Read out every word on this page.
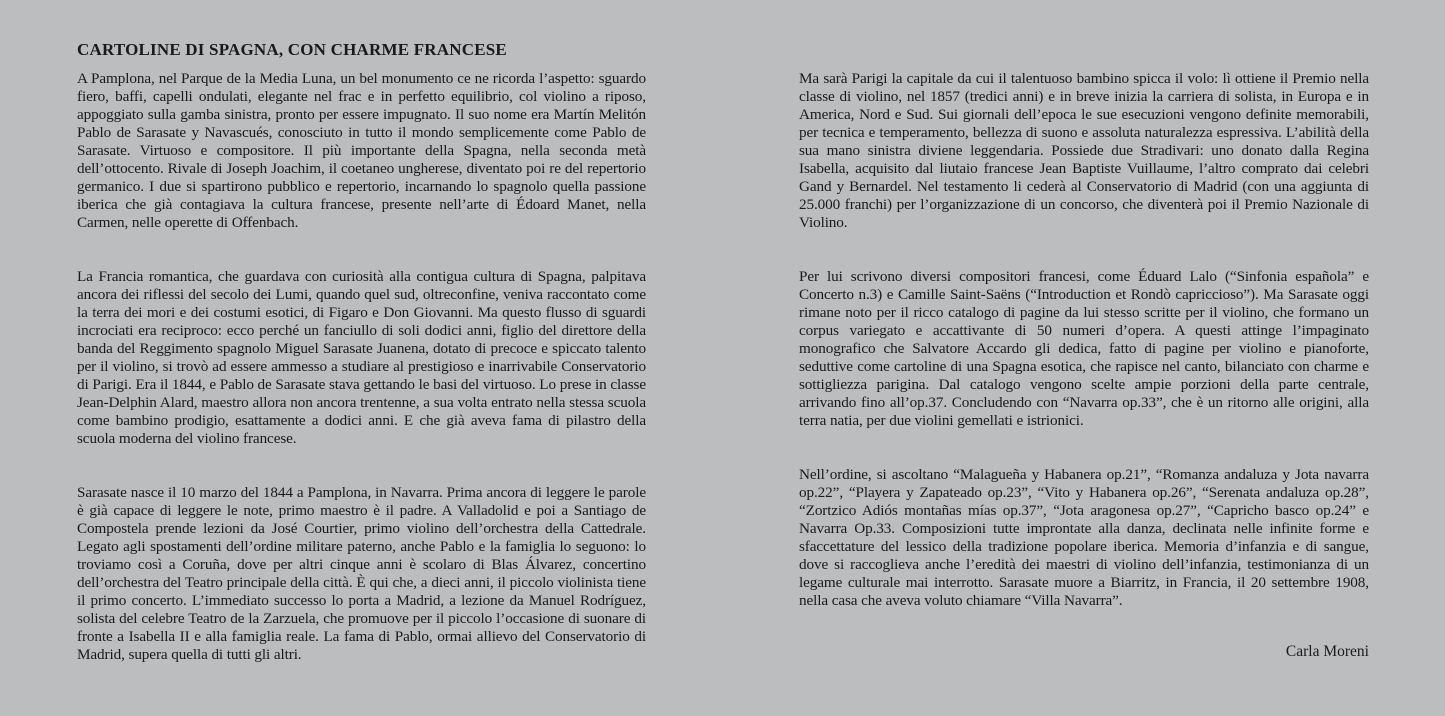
CARTOLINE DI SPAGNA, CON CHARME FRANCESE

A Pamplona, nel Parque de la Media Luna, un bel monumento ce ne ricorda l’aspetto: sguardo fiero, baffi, capelli ondulati, elegante nel frac e in perfetto equilibrio, col violino a riposo, appoggiato sulla gamba sinistra, pronto per essere impugnato. Il suo nome era Martín Melitón Pablo de Sarasate y Navascués, conosciuto in tutto il mondo semplicemente come Pablo de Sarasate. Virtuoso e compositore. Il più importante della Spagna, nella seconda metà dell’ottocento. Rivale di Joseph Joachim, il coetaneo ungherese, diventato poi re del repertorio germanico. I due si spartirono pubblico e repertorio, incarnando lo spagnolo quella passione iberica che già contagiava la cultura francese, presente nell’arte di Édoard Manet, nella Carmen, nelle operette di Offenbach.

La Francia romantica, che guardava con curiosità alla contigua cultura di Spagna, palpitava ancora dei riflessi del secolo dei Lumi, quando quel sud, oltreconfine, veniva raccontato come la terra dei mori e dei costumi esotici, di Figaro e Don Giovanni. Ma questo flusso di sguardi incrociati era reciproco: ecco perché un fanciullo di soli dodici anni, figlio del direttore della banda del Reggimento spagnolo Miguel Sarasate Juanena, dotato di precoce e spiccato talento per il violino, si trovò ad essere ammesso a studiare al prestigioso e inarrivabile Conservatorio di Parigi. Era il 1844, e Pablo de Sarasate stava gettando le basi del virtuoso. Lo prese in classe Jean-Delphin Alard, maestro allora non ancora trentenne, a sua volta entrato nella stessa scuola come bambino prodigio, esattamente a dodici anni. E che già aveva fama di pilastro della scuola moderna del violino francese.

Sarasate nasce il 10 marzo del 1844 a Pamplona, in Navarra. Prima ancora di leggere le parole è già capace di leggere le note, primo maestro è il padre. A Valladolid e poi a Santiago de Compostela prende lezioni da José Courtier, primo violino dell’orchestra della Cattedrale. Legato agli spostamenti dell’ordine militare paterno, anche Pablo e la famiglia lo seguono: lo troviamo così a Coruña, dove per altri cinque anni è scolaro di Blas Álvarez, concertino dell’orchestra del Teatro principale della città. È qui che, a dieci anni, il piccolo violinista tiene il primo concerto. L’immediato successo lo porta a Madrid, a lezione da Manuel Rodríguez, solista del celebre Teatro de la Zarzuela, che promuove per il piccolo l’occasione di suonare di fronte a Isabella II e alla famiglia reale. La fama di Pablo, ormai allievo del Conservatorio di Madrid, supera quella di tutti gli altri.

Ma sarà Parigi la capitale da cui il talentuoso bambino spicca il volo: lì ottiene il Premio nella classe di violino, nel 1857 (tredici anni) e in breve inizia la carriera di solista, in Europa e in America, Nord e Sud. Sui giornali dell’epoca le sue esecuzioni vengono definite memorabili, per tecnica e temperamento, bellezza di suono e assoluta naturalezza espressiva. L’abilità della sua mano sinistra diviene leggendaria. Possiede due Stradivari: uno donato dalla Regina Isabella, acquisito dal liutaio francese Jean Baptiste Vuillaume, l’altro comprato dai celebri Gand y Bernardel. Nel testamento li cederà al Conservatorio di Madrid (con una aggiunta di 25.000 franchi) per l’organizzazione di un concorso, che diventerà poi il Premio Nazionale di Violino.

Per lui scrivono diversi compositori francesi, come Éduard Lalo (“Sinfonia española” e Concerto n.3) e Camille Saint-Saëns (“Introduction et Rondò capriccioso”). Ma Sarasate oggi rimane noto per il ricco catalogo di pagine da lui stesso scritte per il violino, che formano un corpus variegato e accattivante di 50 numeri d’opera. A questi attinge l’impaginato monografico che Salvatore Accardo gli dedica, fatto di pagine per violino e pianoforte, seduttive come cartoline di una Spagna esotica, che rapisce nel canto, bilanciato con charme e sottigliezza parigina. Dal catalogo vengono scelte ampie porzioni della parte centrale, arrivando fino all’op.37. Concludendo con “Navarra op.33”, che è un ritorno alle origini, alla terra natia, per due violini gemellati e istrionici.

Nell’ordine, si ascoltano “Malagueña y Habanera op.21”, “Romanza andaluza y Jota navarra op.22”, “Playera y Zapateado op.23”, “Vito y Habanera op.26”, “Serenata andaluza op.28”, “Zortzico Adiós montañas mías op.37”, “Jota aragonesa op.27”, “Capricho basco op.24” e Navarra Op.33. Composizioni tutte improntate alla danza, declinata nelle infinite forme e sfaccettature del lessico della tradizione popolare iberica. Memoria d’infanzia e di sangue, dove si raccoglieva anche l’eredità dei maestri di violino dell’infanzia, testimonianza di un legame culturale mai interrotto. Sarasate muore a Biarritz, in Francia, il 20 settembre 1908, nella casa che aveva voluto chiamare “Villa Navarra”.

Carla Moreni
